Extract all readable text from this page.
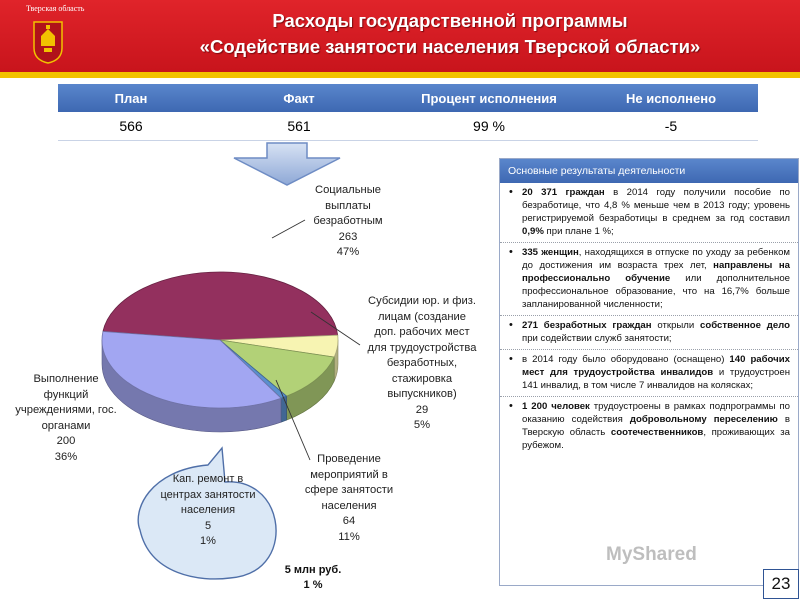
Тверская область
Расходы государственной программы
«Содействие занятости населения Тверской области»
План	Факт	Процент исполнения	Не исполнено
566	561	99 %	-5
Социальные
выплаты
безработным
263
47%
Субсидии юр. и физ.
лицам (создание
доп. рабочих мест
для трудоустройства
безработных,
стажировка
выпускников)
29
5%
Проведение
мероприятий в
сфере занятости
населения
64
11%
Выполнение
функций
учреждениями, гос.
органами
200
36%
Кап. ремонт в
центрах занятости
населения
5
1%
5 млн руб.
1 %
Основные результаты деятельности
• 20 371 граждан в 2014 году получили пособие по безработице, что 4,8 % меньше чем в 2013 году; уровень регистрируемой безработицы в среднем за год составил 0,9% при плане 1 %;
• 335 женщин, находящихся в отпуске по уходу за ребенком до достижения им возраста трех лет, направлены на профессионально обучение или дополнительное профессиональное образование, что на 16,7% больше запланированной численности;
• 271 безработных граждан открыли собственное дело при содействии служб занятости;
• в 2014 году было оборудовано (оснащено) 140 рабочих мест для трудоустройства инвалидов и трудоустроен 141 инвалид, в том числе 7 инвалидов на колясках;
• 1 200 человек трудоустроены в рамках подпрограммы по оказанию содействия добровольному переселению в Тверскую область соотечественников, проживающих за рубежом.
MyShared
23
